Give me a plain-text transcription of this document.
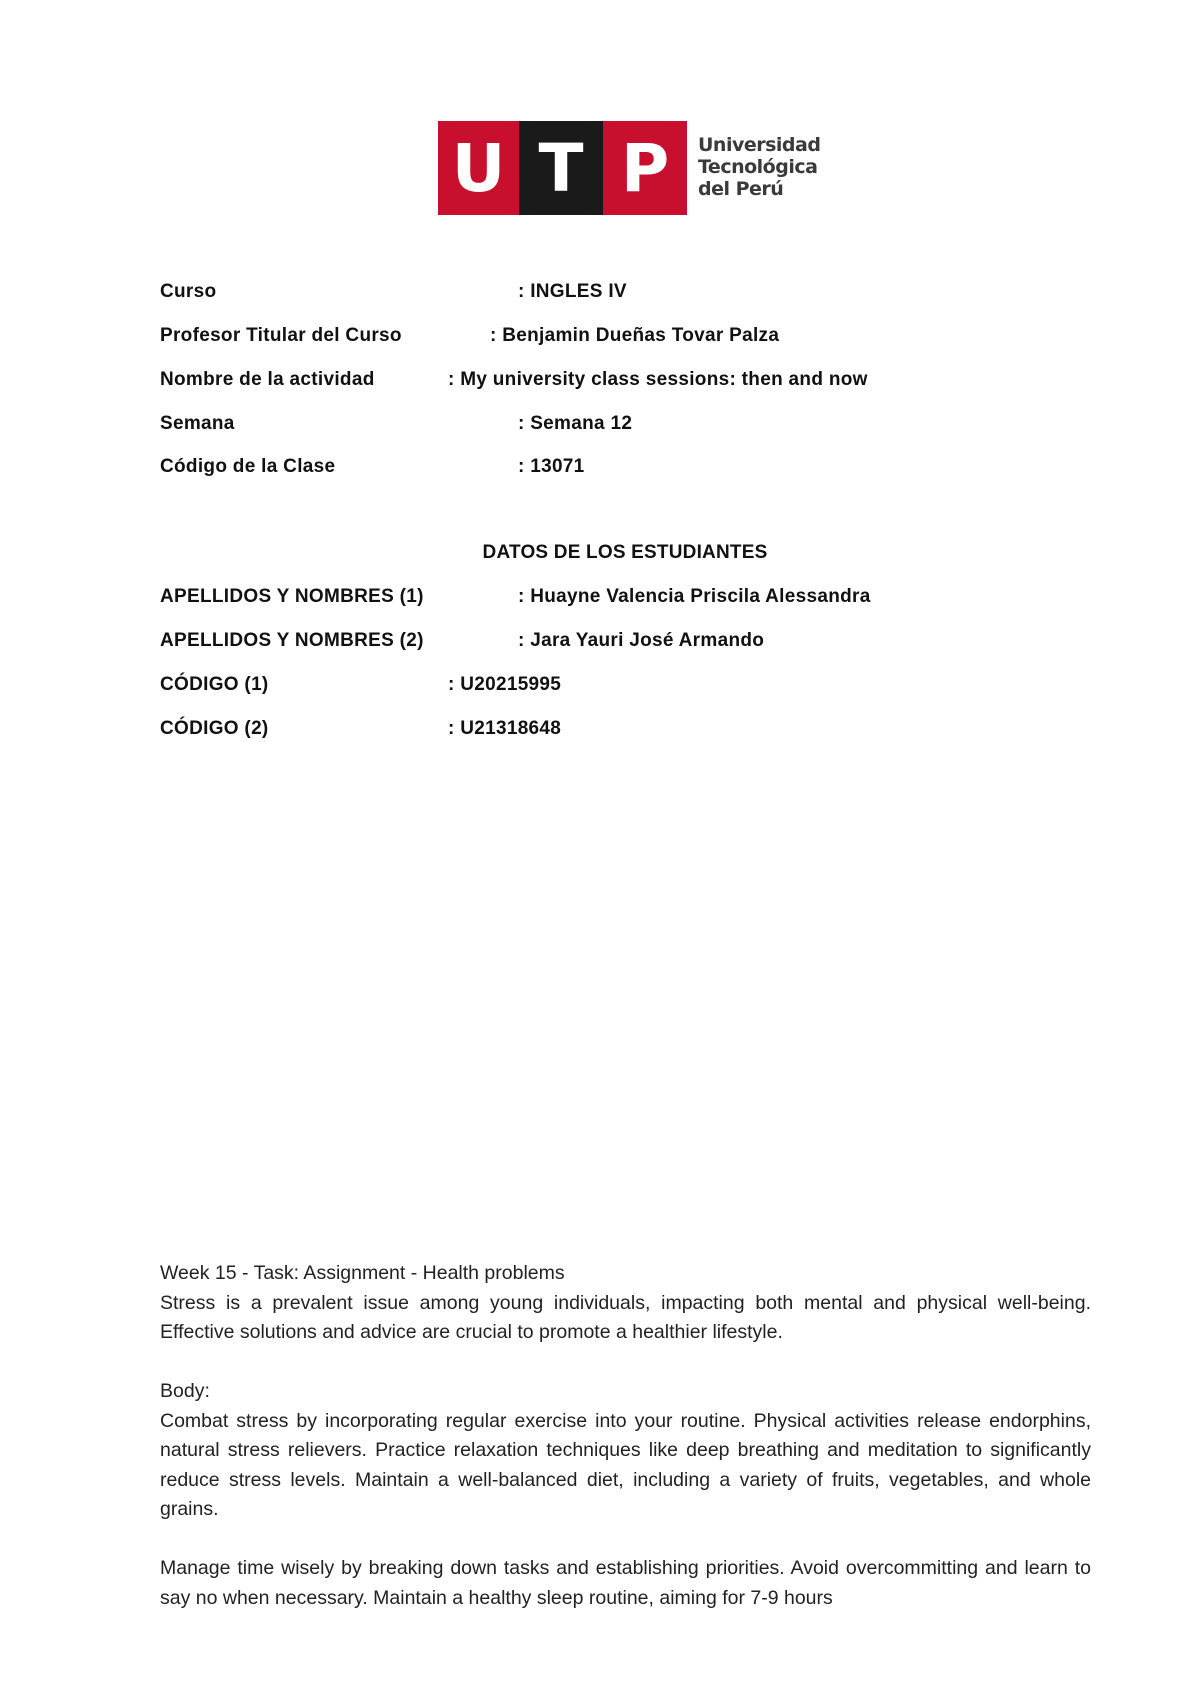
U T P	Universidad
Tecnológica
del Perú
Curso	: INGLES IV
Profesor Titular del Curso	: Benjamin Dueñas Tovar Palza
Nombre de la actividad	: My university class sessions: then and now
Semana	: Semana 12
Código de la Clase	: 13071
DATOS DE LOS ESTUDIANTES
APELLIDOS Y NOMBRES (1)	: Huayne Valencia Priscila Alessandra
APELLIDOS Y NOMBRES (2)	: Jara Yauri José Armando
CÓDIGO (1)	: U20215995
CÓDIGO (2)	: U21318648

Week 15 - Task: Assignment - Health problems

Stress is a prevalent issue among young individuals, impacting both mental and physical well-being. Effective solutions and advice are crucial to promote a healthier lifestyle.

Body:

Combat stress by incorporating regular exercise into your routine. Physical activities release endorphins, natural stress relievers. Practice relaxation techniques like deep breathing and meditation to significantly reduce stress levels. Maintain a well-balanced diet, including a variety of fruits, vegetables, and whole grains.

Manage time wisely by breaking down tasks and establishing priorities. Avoid overcommitting and learn to say no when necessary. Maintain a healthy sleep routine, aiming for 7-9 hours
